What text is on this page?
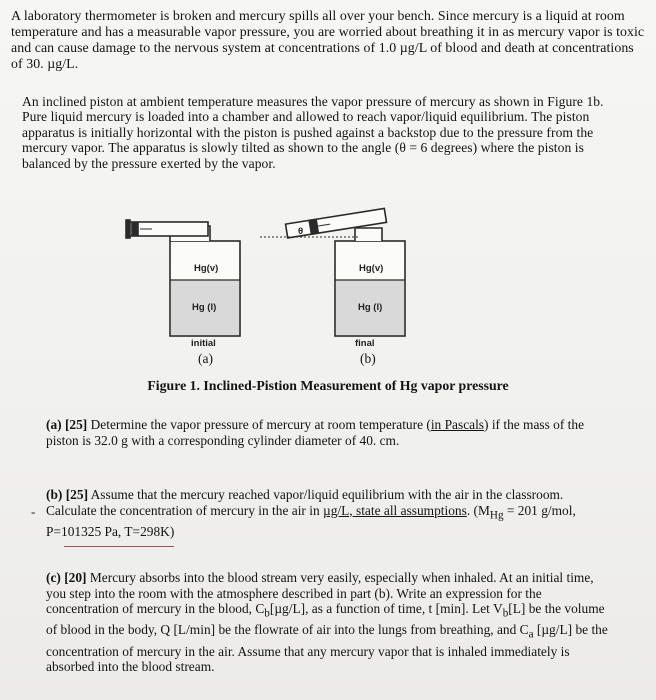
A laboratory thermometer is broken and mercury spills all over your bench. Since mercury is a liquid at room temperature and has a measurable vapor pressure, you are worried about breathing it in as mercury vapor is toxic and can cause damage to the nervous system at concentrations of 1.0 µg/L of blood and death at concentrations of 30. µg/L.

An inclined piston at ambient temperature measures the vapor pressure of mercury as shown in Figure 1b. Pure liquid mercury is loaded into a chamber and allowed to reach vapor/liquid equilibrium. The piston apparatus is initially horizontal with the piston is pushed against a backstop due to the pressure from the mercury vapor. The apparatus is slowly tilted as shown to the angle (θ = 6 degrees) where the piston is balanced by the pressure exerted by the vapor.

θ
Hg(v)
Hg (l)
Hg(v)
Hg (l)
initial	final
(a)	(b)
Figure 1. Inclined-Pistion Measurement of Hg vapor pressure

(a) [25] Determine the vapor pressure of mercury at room temperature (in Pascals) if the mass of the piston is 32.0 g with a corresponding cylinder diameter of 40. cm.

-

(b) [25] Assume that the mercury reached vapor/liquid equilibrium with the air in the classroom. Calculate the concentration of mercury in the air in µg/L, state all assumptions. ($M_{Hg} = 201$ g/mol, P=101325 Pa, T=298K)

(c) [20] Mercury absorbs into the blood stream very easily, especially when inhaled. At an initial time, you step into the room with the atmosphere described in part (b). Write an expression for the concentration of mercury in the blood, $C_b[\mu g/L]$, as a function of time, t [min]. Let $V_b[L]$ be the volume of blood in the body, Q [L/min] be the flowrate of air into the lungs from breathing, and $C_a$ [µg/L] be the concentration of mercury in the air. Assume that any mercury vapor that is inhaled immediately is absorbed into the blood stream.
